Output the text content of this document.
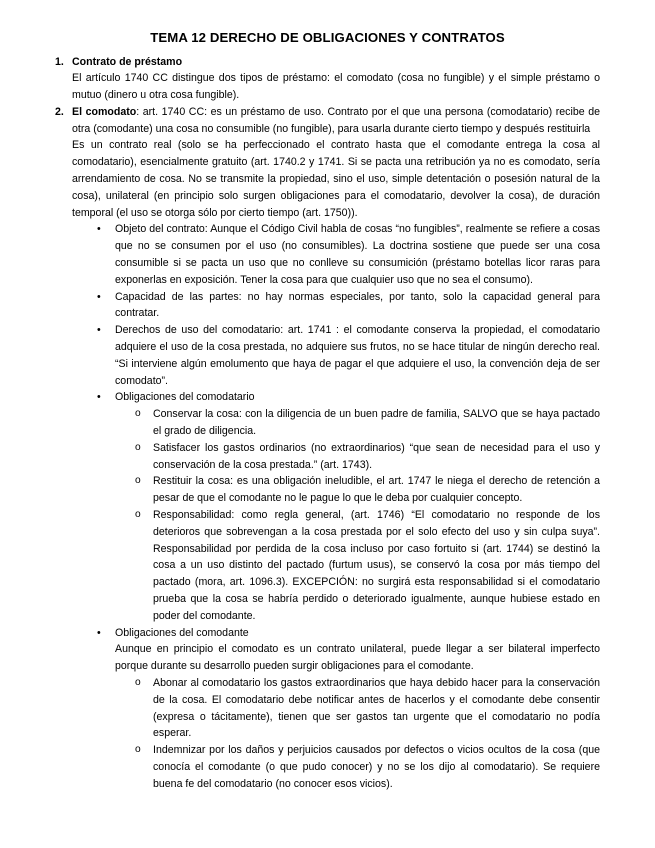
TEMA 12 DERECHO DE OBLIGACIONES Y CONTRATOS
1. Contrato de préstamo

El artículo 1740 CC distingue dos tipos de préstamo: el comodato (cosa no fungible) y el simple préstamo o mutuo (dinero u otra cosa fungible).

2. El comodato: art. 1740 CC: es un préstamo de uso. Contrato por el que una persona (comodatario) recibe de otra (comodante) una cosa no consumible (no fungible), para usarla durante cierto tiempo y después restituirla

Es un contrato real (solo se ha perfeccionado el contrato hasta que el comodante entrega la cosa al comodatario), esencialmente gratuito (art. 1740.2 y 1741. Si se pacta una retribución ya no es comodato, sería arrendamiento de cosa. No se transmite la propiedad, sino el uso, simple detentación o posesión natural de la cosa), unilateral (en principio solo surgen obligaciones para el comodatario, devolver la cosa), de duración temporal (el uso se otorga sólo por cierto tiempo (art. 1750)).

• Objeto del contrato: Aunque el Código Civil habla de cosas “no fungibles”, realmente se refiere a cosas que no se consumen por el uso (no consumibles). La doctrina sostiene que puede ser una cosa consumible si se pacta un uso que no conlleve su consumición (préstamo botellas licor raras para exponerlas en exposición. Tener la cosa para que cualquier uso que no sea el consumo).

• Capacidad de las partes: no hay normas especiales, por tanto, solo la capacidad general para contratar.

• Derechos de uso del comodatario: art. 1741 : el comodante conserva la propiedad, el comodatario adquiere el uso de la cosa prestada, no adquiere sus frutos, no se hace titular de ningún derecho real. “Si interviene algún emolumento que haya de pagar el que adquiere el uso, la convención deja de ser comodato”.

• Obligaciones del comodatario

o Conservar la cosa: con la diligencia de un buen padre de familia, SALVO que se haya pactado el grado de diligencia.

o Satisfacer los gastos ordinarios (no extraordinarios) “que sean de necesidad para el uso y conservación de la cosa prestada.” (art. 1743).

o Restituir la cosa: es una obligación ineludible, el art. 1747 le niega el derecho de retención a pesar de que el comodante no le pague lo que le deba por cualquier concepto.

o Responsabilidad: como regla general, (art. 1746) “El comodatario no responde de los deterioros que sobrevengan a la cosa prestada por el solo efecto del uso y sin culpa suya”. Responsabilidad por perdida de la cosa incluso por caso fortuito si (art. 1744) se destinó la cosa a un uso distinto del pactado (furtum usus), se conservó la cosa por más tiempo del pactado (mora, art. 1096.3). EXCEPCIÓN: no surgirá esta responsabilidad si el comodatario prueba que la cosa se habría perdido o deteriorado igualmente, aunque hubiese estado en poder del comodante.

• Obligaciones del comodante

Aunque en principio el comodato es un contrato unilateral, puede llegar a ser bilateral imperfecto porque durante su desarrollo pueden surgir obligaciones para el comodante.

o Abonar al comodatario los gastos extraordinarios que haya debido hacer para la conservación de la cosa. El comodatario debe notificar antes de hacerlos y el comodante debe consentir (expresa o tácitamente), tienen que ser gastos tan urgente que el comodatario no podía esperar.

o Indemnizar por los daños y perjuicios causados por defectos o vicios ocultos de la cosa (que conocía el comodante (o que pudo conocer) y no se los dijo al comodatario). Se requiere buena fe del comodatario (no conocer esos vicios).
